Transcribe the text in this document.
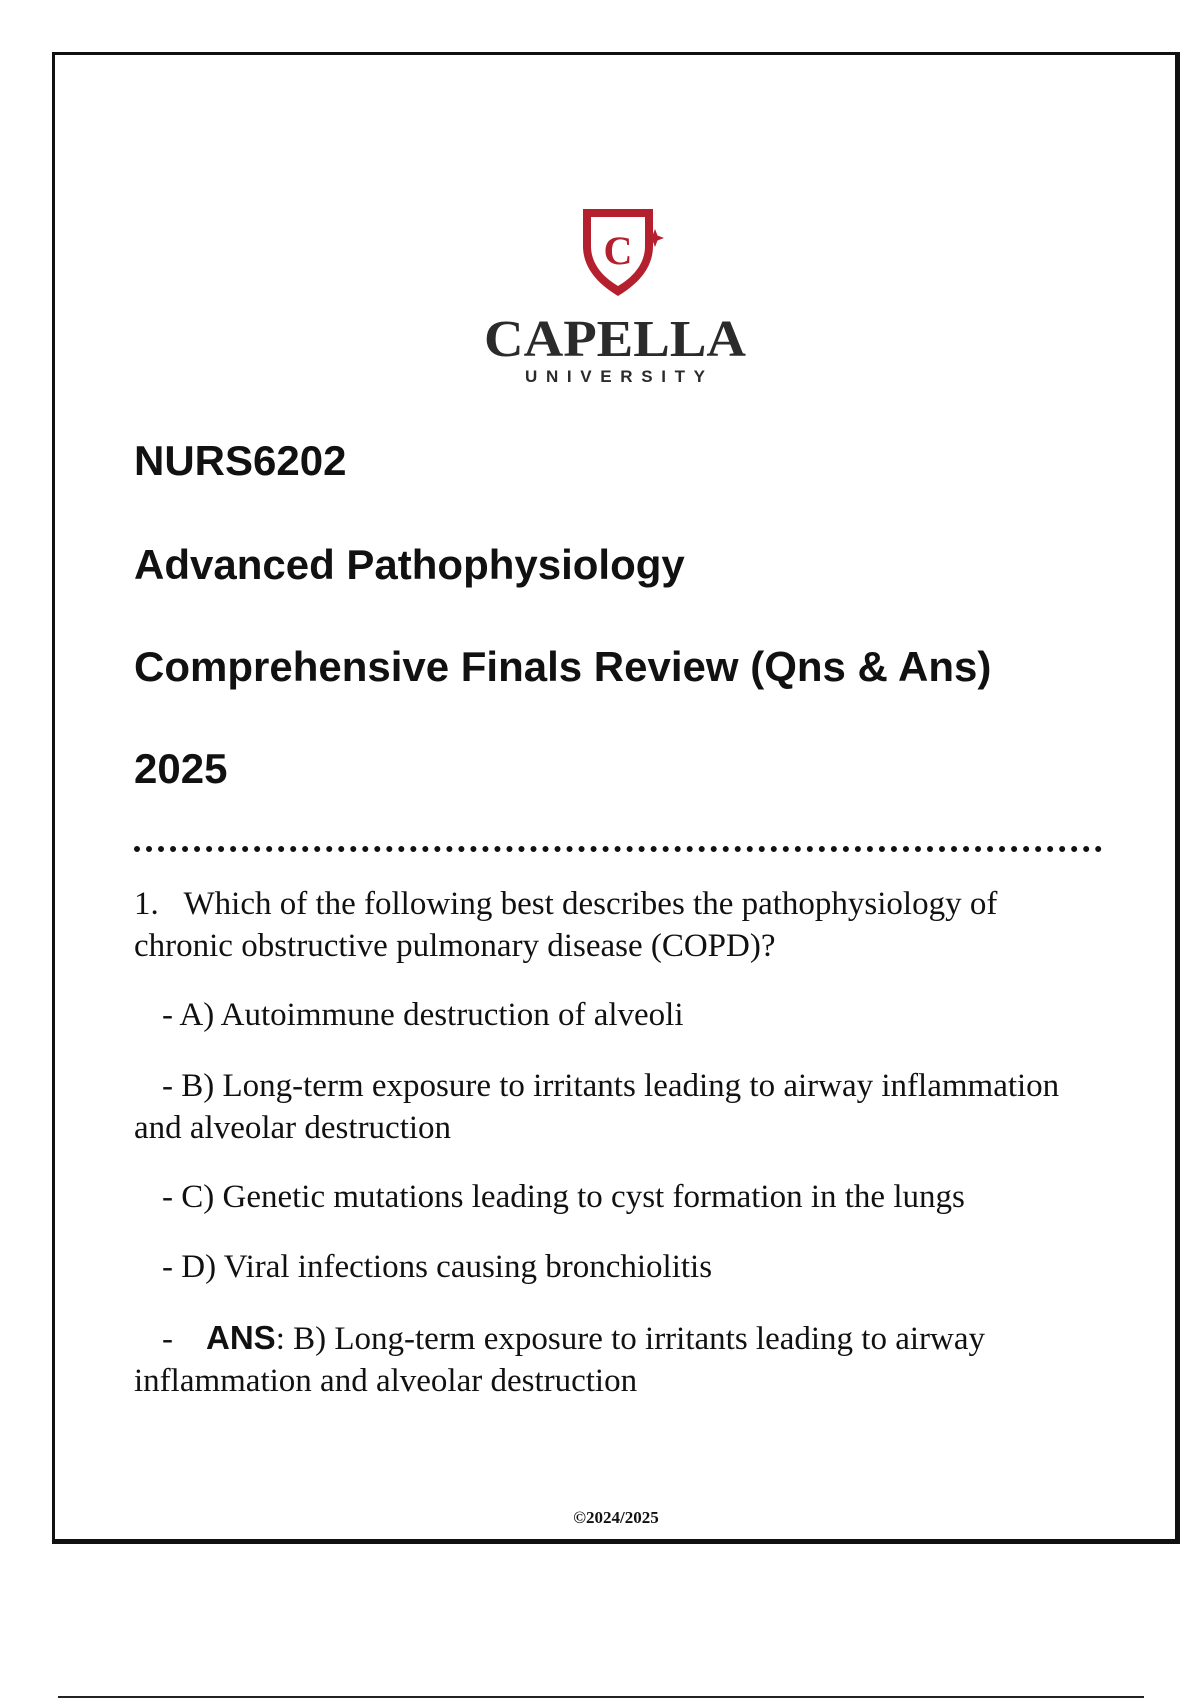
C
CAPELLA
UNIVERSITY
NURS6202
Advanced Pathophysiology
Comprehensive Finals Review (Qns & Ans)
2025
1. Which of the following best describes the pathophysiology of chronic obstructive pulmonary disease (COPD)?
- A) Autoimmune destruction of alveoli
- B) Long-term exposure to irritants leading to airway inflammation and alveolar destruction
- C) Genetic mutations leading to cyst formation in the lungs
- D) Viral infections causing bronchiolitis
- ANS: B) Long-term exposure to irritants leading to airway inflammation and alveolar destruction
©2024/2025
